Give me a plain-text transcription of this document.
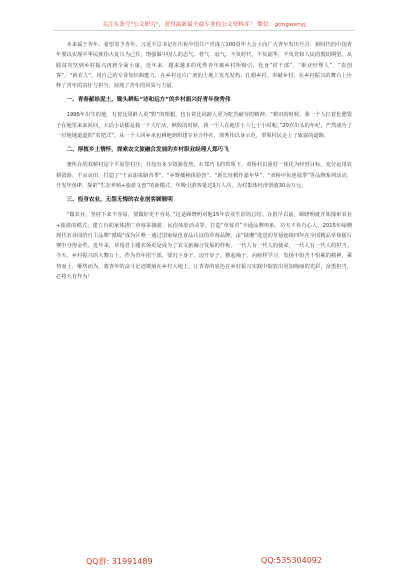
关注头条号"公文研究"，获得最新最全最专业的公文资料库！ 微信：gongwenyj

未来属于青年，希望寄予青年。习近平总书记在庆祝中国共产党成立100周年大会上向广大青年发出号召：新时代的中国青年要以实现中华民族伟大复兴为己任，增强做中国人的志气、骨气、底气，不负时代，不负韶华，不负党和人民的殷切期望。从脱贫攻坚到乡村振兴再到全面小康，近年来，越来越多的优秀青年被乡村所吸引，化身“村干部”、“职业经理人”、“农创客”、“新农人”，用自己的专业知识和能力，在乡村这片广袤的土地上发光发热，扎根乡村、奉献乡村，在乡村振兴的舞台上诠释了青年的责任与担当，展现了青年的风采与力量。

一、青春献给泥土，锄头耕耘“诗和远方”的乡村振兴好青年徐秀伟

1996年出生的他，有着比同龄人更“野”的理想，也有着比同龄人更为吃苦耐劳的精神。“耕田的时候，我一个人扛着化肥袋子在地里来来回回，大话小话都是我一个人忙活，秋收的时候，我一个人在地里十六七个小时呢。”20岁出头的年纪，严然成为了一位地地道道的“农把式”。从一个人回乡承包耕地到组建专业合作社，徐秀伟以身示范，带领村民走上了致富的道路。

二、厚植乡土情怀，探索农文旅融合发展的乡村职业经理人郑巧飞

驰所在的双桥村是个平原型村庄，并没有多少资源优势。在郑巧飞的带领下，双桥村以重村一体化为经营目标，充分运用农耕资源、千亩良田，打造了“千亩油菜路青季”、“乡野插秧体验营”、“新长征稻作嘉年华”、“双桥甲鱼迎福季”等品牌系列活动，开发甲鱼IP，探索“生态养殖+旅游文创”的新模式，年吸引游客量达3万人次，为村集体经济创收30余万元。

三、投身农业，无怨无悔的农业创客顾晓明

“做农业，坚持下来不容易，要做好更不容易。”这是顾晓明对他15年农业生涯的总结。在很早以前，顾晓明就开始探索农业+旅游的模式，建立自助家体推广草莓采摘游、民俗体验活动等，打造“草莓君”卡通品牌形象。功夫不负有心人，2015年绿珊现代农业园的自主品牌“派缇”成为区唯一通过国家绿色食品认证的草莓品牌，由“绿珊”选送的草莓连续四年在全国精品草莓擂台赛中夺得金奖。近年来，草莓君主题农场更是成为了农文旅融合发展的样板。一代人有一代人的使命，一代人有一代人的担当。今天，乡村振兴的大舞台上，作为青年团干部，要沉下身子，迈开步子，撸起袖子，向榜样学习，发扬不怕苦不怕累的精神，乘势而上，顺势而为，将青年的奋斗足迹镌刻在乡村大地上，让青春的底色在乡村振兴实践中绽放出更加绚丽的光彩，奋勇担当，必将大有作为！

QQ群: 31991489	QQ:535304092
